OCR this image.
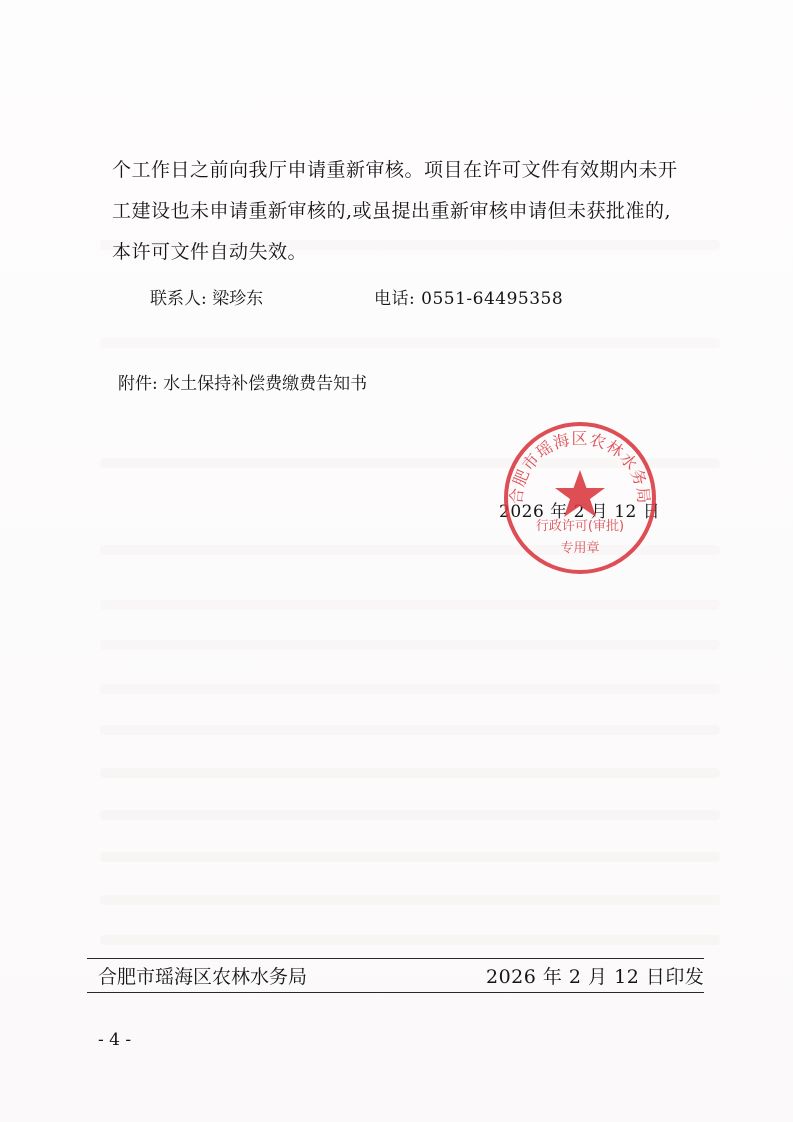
个工作日之前向我厅申请重新审核。项目在许可文件有效期内未开
工建设也未申请重新审核的,或虽提出重新审核申请但未获批准的,
本许可文件自动失效。
联系人: 梁珍东	电话: 0551-64495358
附件: 水土保持补偿费缴费告知书
2026 年 2 月 12 日
合肥市瑶海区农林水务局
行政许可(审批)
专用章
合肥市瑶海区农林水务局	2026 年 2 月 12 日印发
- 4 -
